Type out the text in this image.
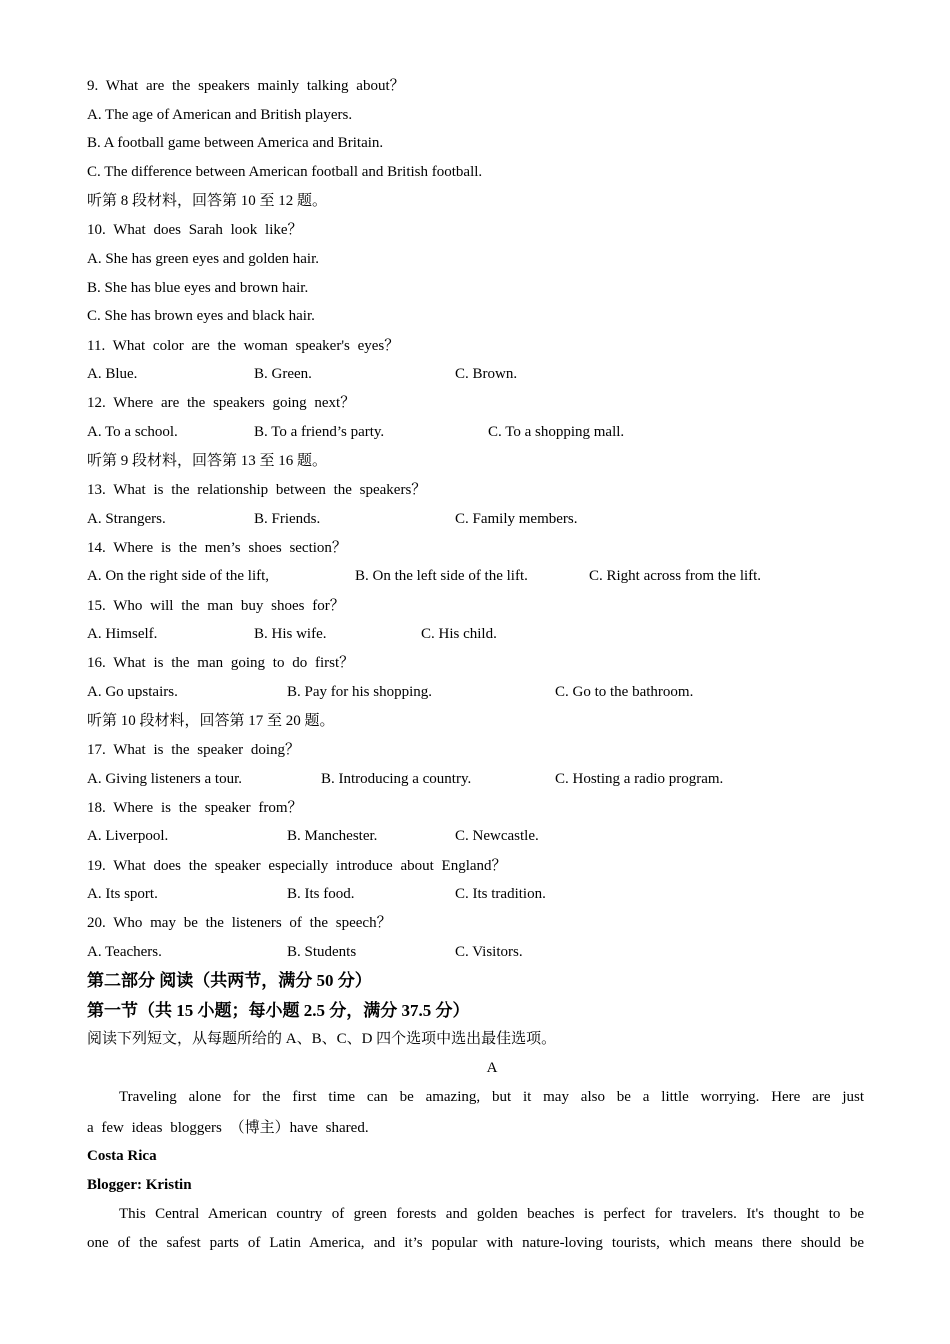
9. What are the speakers mainly talking about？
A. The age of American and British players.
B. A football game between America and Britain.
C. The difference between American football and British football.
听第 8 段材料，回答第 10 至 12 题。
10. What does Sarah look like？
A. She has green eyes and golden hair.
B. She has blue eyes and brown hair.
C. She has brown eyes and black hair.
11. What color are the woman speaker's eyes？
A. Blue.	B. Green.	C. Brown.
12. Where are the speakers going next？
A. To a school.	B. To a friend’s party.	C. To a shopping mall.
听第 9 段材料，回答第 13 至 16 题。
13. What is the relationship between the speakers？
A. Strangers.	B. Friends.	C. Family members.
14. Where is the men’s shoes section？
A. On the right side of the lift,	B. On the left side of the lift.	C. Right across from the lift.
15. Who will the man buy shoes for？
A. Himself.	B. His wife.	C. His child.
16. What is the man going to do first？
A. Go upstairs.	B. Pay for his shopping.	C. Go to the bathroom.
听第 10 段材料，回答第 17 至 20 题。
17. What is the speaker doing？
A. Giving listeners a tour.	B. Introducing a country.	C. Hosting a radio program.
18. Where is the speaker from？
A. Liverpool.	B. Manchester.	C. Newcastle.
19. What does the speaker especially introduce about England？
A. Its sport.	B. Its food.	C. Its tradition.
20. Who may be the listeners of the speech？
A. Teachers.	B. Students	C. Visitors.
第二部分 阅读（共两节，满分 50 分）
第一节（共 15 小题；每小题 2.5 分，满分 37.5 分）
阅读下列短文，从每题所给的 A、B、C、D 四个选项中选出最佳选项。
A
Traveling alone for the first time can be amazing, but it may also be a little worrying. Here are just
a few ideas bloggers （博主）have shared.
Costa Rica
Blogger: Kristin
This Central American country of green forests and golden beaches is perfect for travelers. It's thought to be
one of the safest parts of Latin America, and it’s popular with nature-loving tourists, which means there should be
